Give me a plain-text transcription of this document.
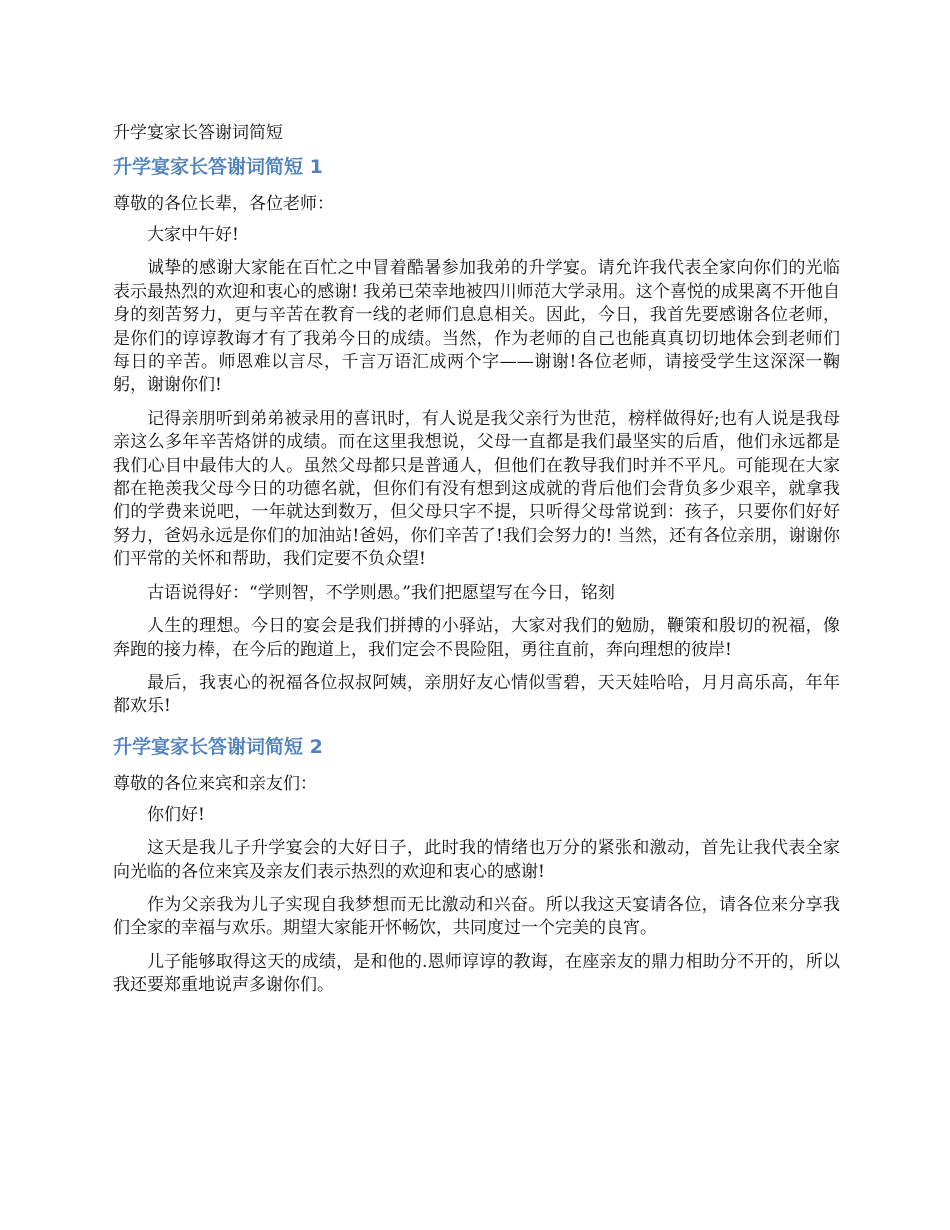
升学宴家长答谢词简短
升学宴家长答谢词简短 1
尊敬的各位长辈，各位老师：

大家中午好!

诚挚的感谢大家能在百忙之中冒着酷暑参加我弟的升学宴。请允许我代表全家向你们的光临表示最热烈的欢迎和衷心的感谢! 我弟已荣幸地被四川师范大学录用。这个喜悦的成果离不开他自身的刻苦努力，更与辛苦在教育一线的老师们息息相关。因此，今日，我首先要感谢各位老师，是你们的谆谆教诲才有了我弟今日的成绩。当然，作为老师的自己也能真真切切地体会到老师们每日的辛苦。师恩难以言尽，千言万语汇成两个字——谢谢!各位老师，请接受学生这深深一鞠躬，谢谢你们!

记得亲朋听到弟弟被录用的喜讯时，有人说是我父亲行为世范，榜样做得好;也有人说是我母亲这么多年辛苦烙饼的成绩。而在这里我想说，父母一直都是我们最坚实的后盾，他们永远都是我们心目中最伟大的人。虽然父母都只是普通人，但他们在教导我们时并不平凡。可能现在大家都在艳羡我父母今日的功德名就，但你们有没有想到这成就的背后他们会背负多少艰辛，就拿我们的学费来说吧，一年就达到数万，但父母只字不提，只听得父母常说到：孩子，只要你们好好努力，爸妈永远是你们的加油站!爸妈，你们辛苦了!我们会努力的! 当然，还有各位亲朋，谢谢你们平常的关怀和帮助，我们定要不负众望!

古语说得好：“学则智，不学则愚。”我们把愿望写在今日，铭刻

人生的理想。今日的宴会是我们拼搏的小驿站，大家对我们的勉励，鞭策和殷切的祝福，像奔跑的接力棒，在今后的跑道上，我们定会不畏险阻，勇往直前，奔向理想的彼岸!

最后，我衷心的祝福各位叔叔阿姨，亲朋好友心情似雪碧，天天娃哈哈，月月高乐高，年年都欢乐!

升学宴家长答谢词简短 2
尊敬的各位来宾和亲友们：

你们好!

这天是我儿子升学宴会的大好日子，此时我的情绪也万分的紧张和激动，首先让我代表全家向光临的各位来宾及亲友们表示热烈的欢迎和衷心的感谢!

作为父亲我为儿子实现自我梦想而无比激动和兴奋。所以我这天宴请各位，请各位来分享我们全家的幸福与欢乐。期望大家能开怀畅饮，共同度过一个完美的良宵。

儿子能够取得这天的成绩，是和他的.恩师谆谆的教诲，在座亲友的鼎力相助分不开的，所以我还要郑重地说声多谢你们。
